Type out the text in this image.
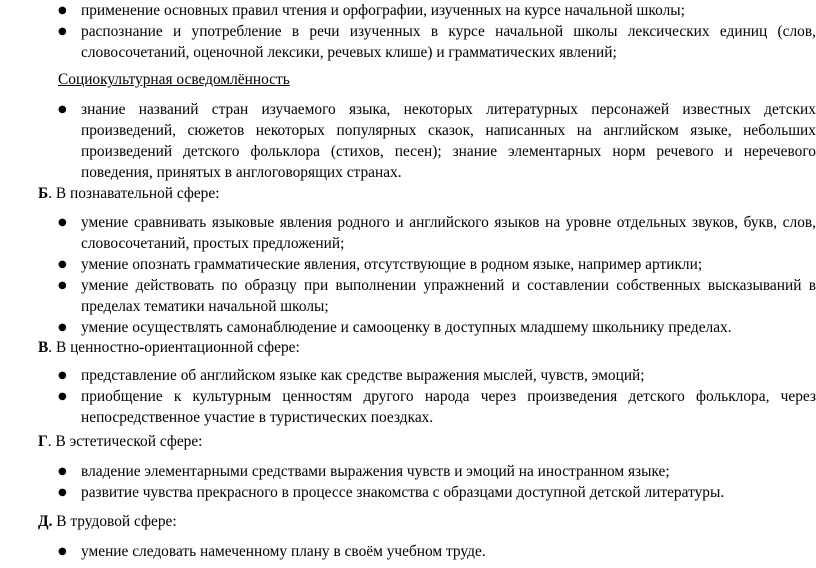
● применение основных правил чтения и орфографии, изученных на курсе начальной школы;
● распознание и употребление в речи изученных в курсе начальной школы лексических единиц (слов, словосочетаний, оценочной лексики, речевых клише) и грамматических явлений;
Социокультурная осведомлённость
● знание названий стран изучаемого языка, некоторых литературных персонажей известных детских произведений, сюжетов некоторых популярных сказок, написанных на английском языке, небольших произведений детского фольклора (стихов, песен); знание элементарных норм речевого и неречевого поведения, принятых в англоговорящих странах.
Б. В познавательной сфере:
● умение сравнивать языковые явления родного и английского языков на уровне отдельных звуков, букв, слов, словосочетаний, простых предложений;
● умение опознать грамматические явления, отсутствующие в родном языке, например артикли;
● умение действовать по образцу при выполнении упражнений и составлении собственных высказываний в пределах тематики начальной школы;
● умение осуществлять самонаблюдение и самооценку в доступных младшему школьнику пределах.
В. В ценностно-ориентационной сфере:
● представление об английском языке как средстве выражения мыслей, чувств, эмоций;
● приобщение к культурным ценностям другого народа через произведения детского фольклора, через непосредственное участие в туристических поездках.
Г. В эстетической сфере:
● владение элементарными средствами выражения чувств и эмоций на иностранном языке;
● развитие чувства прекрасного в процессе знакомства с образцами доступной детской литературы.
Д. В трудовой сфере:
● умение следовать намеченному плану в своём учебном труде.
